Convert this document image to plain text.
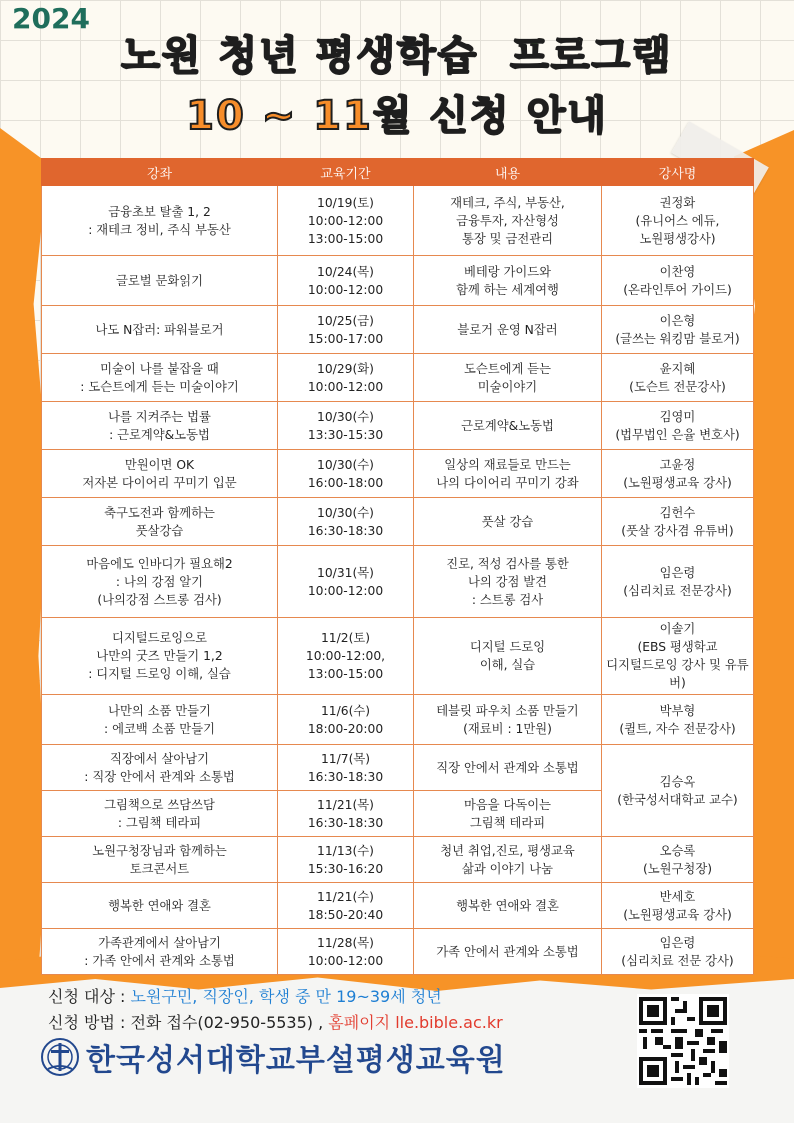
2024
노원 청년 평생학습 프로그램
10 ~ 11월 신청 안내
강좌	교육기간	내용	강사명
금융초보 탈출 1, 2
: 재테크 정비, 주식 부동산	10/19(토)
10:00-12:00
13:00-15:00	재테크, 주식, 부동산,
금융투자, 자산형성
통장 및 금전관리	권정화
(유니어스 에듀,
노원평생강사)
글로벌 문화읽기	10/24(목)
10:00-12:00	베테랑 가이드와
함께 하는 세계여행	이찬영
(온라인투어 가이드)
나도 N잡러: 파워블로거	10/25(금)
15:00-17:00	블로거 운영 N잡러	이은형
(글쓰는 워킹맘 블로거)
미술이 나를 붙잡을 때
: 도슨트에게 듣는 미술이야기	10/29(화)
10:00-12:00	도슨트에게 듣는
미술이야기	윤지혜
(도슨트 전문강사)
나를 지켜주는 법률
: 근로계약&노동법	10/30(수)
13:30-15:30	근로계약&노동법	김영미
(법무법인 은율 변호사)
만원이면 OK
저자본 다이어리 꾸미기 입문	10/30(수)
16:00-18:00	일상의 재료들로 만드는
나의 다이어리 꾸미기 강좌	고윤정
(노원평생교육 강사)
축구도전과 함께하는
풋살강습	10/30(수)
16:30-18:30	풋살 강습	김헌수
(풋살 강사겸 유튜버)
마음에도 인바디가 필요해2
: 나의 강점 알기
(나의강점 스트롱 검사)	10/31(목)
10:00-12:00	진로, 적성 검사를 통한
나의 강점 발견
: 스트롱 검사	임은령
(심리치료 전문강사)
디지털드로잉으로
나만의 굿즈 만들기 1,2
: 디지털 드로잉 이해, 실습	11/2(토)
10:00-12:00,
13:00-15:00	디지털 드로잉
이해, 실습	이솔기
(EBS 평생학교
디지털드로잉 강사 및 유튜버)
나만의 소품 만들기
: 에코백 소품 만들기	11/6(수)
18:00-20:00	테블릿 파우치 소품 만들기
(재료비 : 1만원)	박부형
(퀼트, 자수 전문강사)
직장에서 살아남기
: 직장 안에서 관계와 소통법	11/7(목)
16:30-18:30	직장 안에서 관계와 소통법	김승옥
(한국성서대학교 교수)
그림책으로 쓰담쓰담
: 그림책 테라피	11/21(목)
16:30-18:30	마음을 다독이는
그림책 테라피	
노원구청장님과 함께하는
토크콘서트	11/13(수)
15:30-16:20	청년 취업,진로, 평생교육
삶과 이야기 나눔	오승록
(노원구청장)
행복한 연애와 결혼	11/21(수)
18:50-20:40	행복한 연애와 결혼	반세호
(노원평생교육 강사)
가족관계에서 살아남기
: 가족 안에서 관계와 소통법	11/28(목)
10:00-12:00	가족 안에서 관계와 소통법	임은령
(심리치료 전문 강사)
신청 대상 : 노원구민, 직장인, 학생 중 만 19~39세 청년
신청 방법 : 전화 접수(02-950-5535) , 홈페이지 lle.bible.ac.kr
한국성서대학교부설평생교육원
